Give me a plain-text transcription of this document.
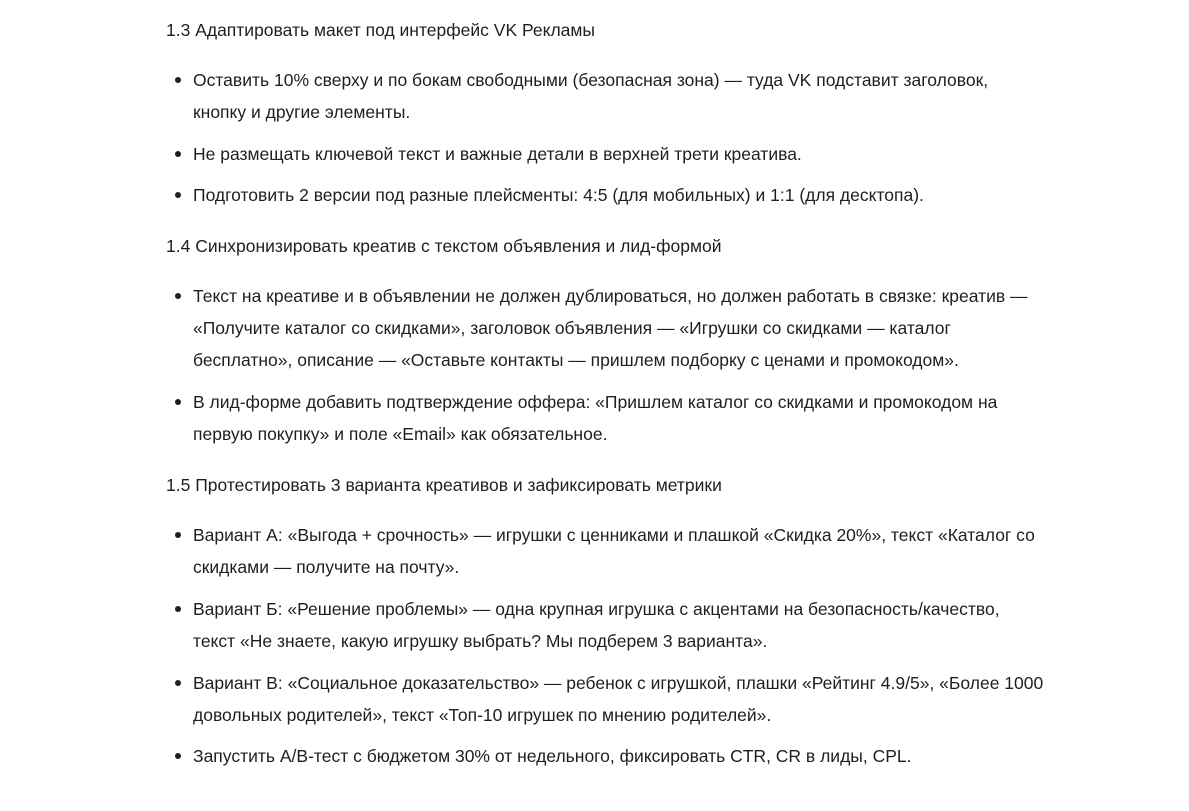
1.3 Адаптировать макет под интерфейс VK Рекламы
Оставить 10% сверху и по бокам свободными (безопасная зона) — туда VK подставит заголовок, кнопку и другие элементы.
Не размещать ключевой текст и важные детали в верхней трети креатива.
Подготовить 2 версии под разные плейсменты: 4:5 (для мобильных) и 1:1 (для десктопа).
1.4 Синхронизировать креатив с текстом объявления и лид-формой
Текст на креативе и в объявлении не должен дублироваться, но должен работать в связке: креатив — «Получите каталог со скидками», заголовок объявления — «Игрушки со скидками — каталог бесплатно», описание — «Оставьте контакты — пришлем подборку с ценами и промокодом».
В лид-форме добавить подтверждение оффера: «Пришлем каталог со скидками и промокодом на первую покупку» и поле «Email» как обязательное.
1.5 Протестировать 3 варианта креативов и зафиксировать метрики
Вариант А: «Выгода + срочность» — игрушки с ценниками и плашкой «Скидка 20%», текст «Каталог со скидками — получите на почту».
Вариант Б: «Решение проблемы» — одна крупная игрушка с акцентами на безопасность/качество, текст «Не знаете, какую игрушку выбрать? Мы подберем 3 варианта».
Вариант В: «Социальное доказательство» — ребенок с игрушкой, плашки «Рейтинг 4.9/5», «Более 1000 довольных родителей», текст «Топ-10 игрушек по мнению родителей».
Запустить A/B-тест с бюджетом 30% от недельного, фиксировать CTR, CR в лиды, CPL.
